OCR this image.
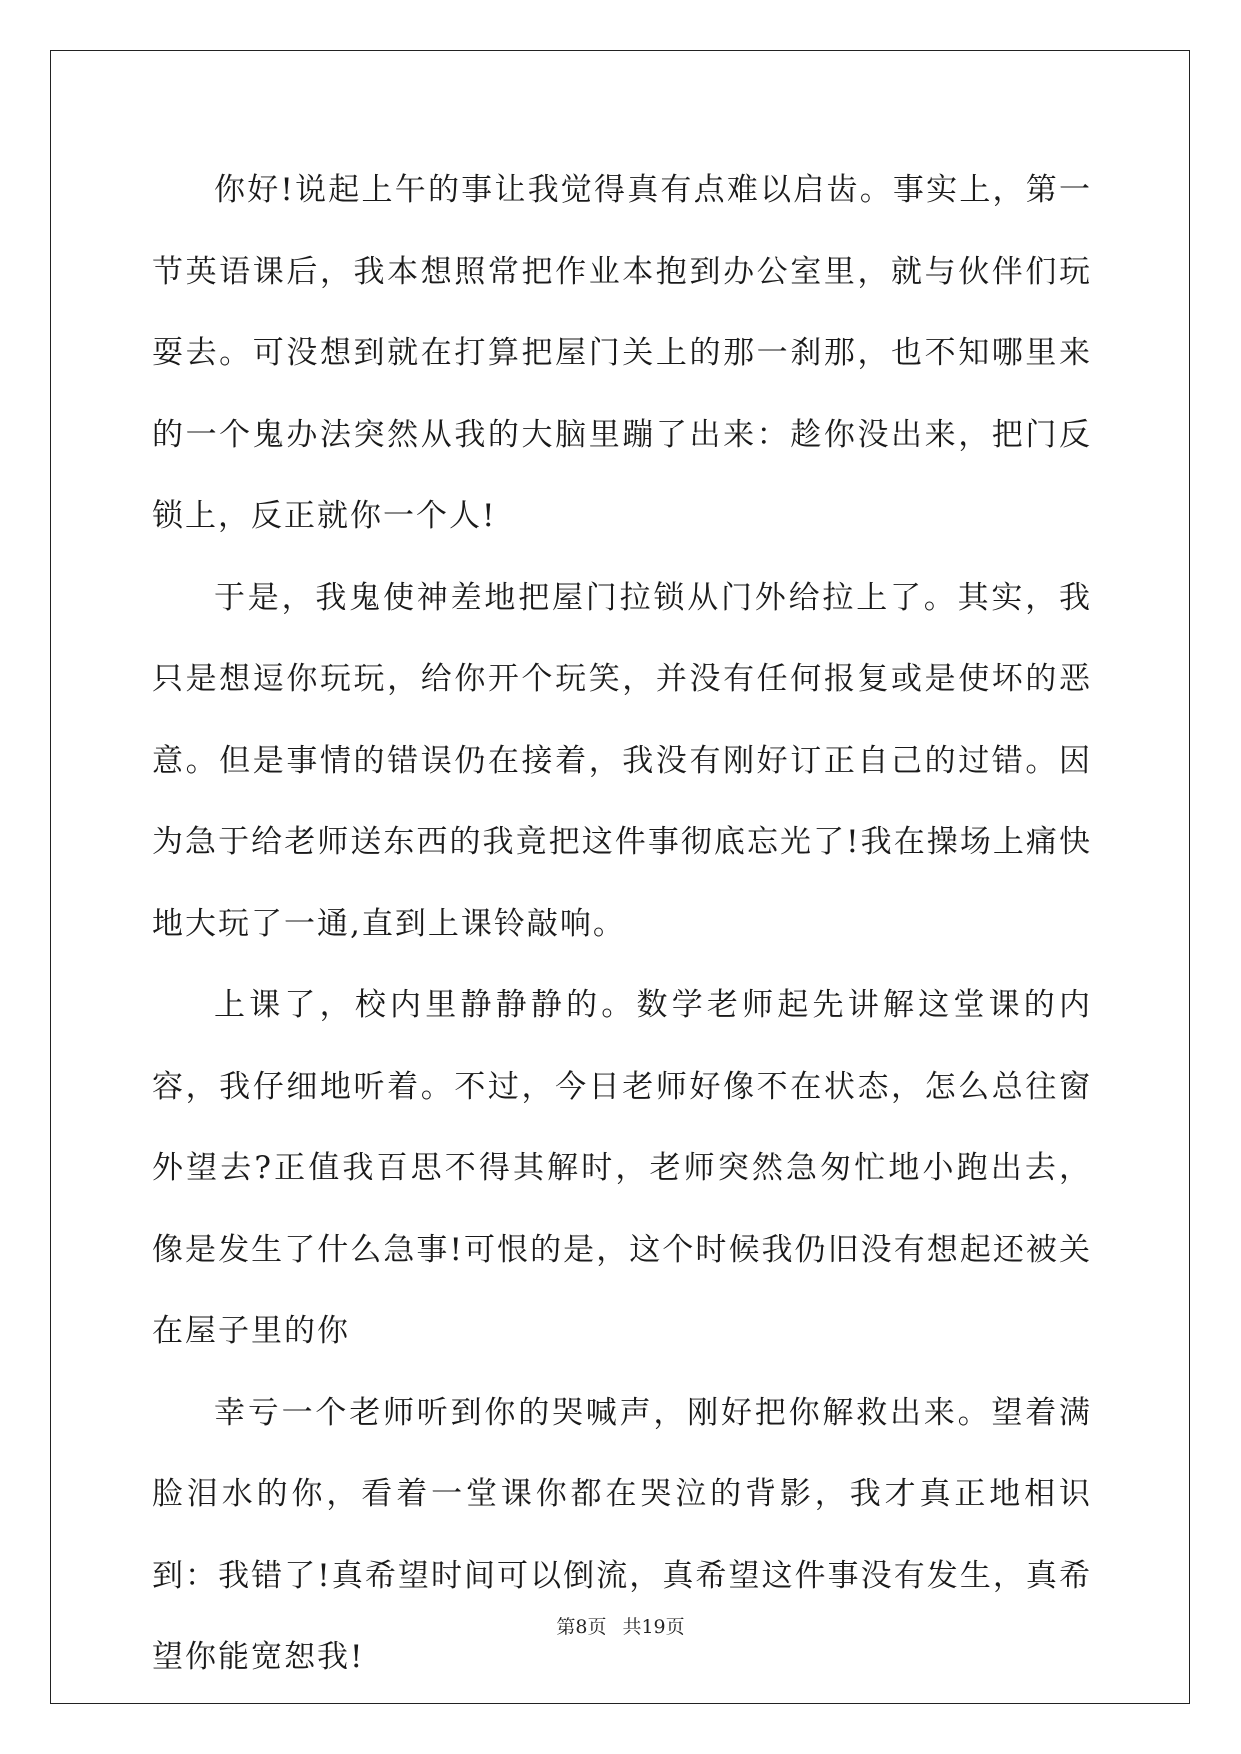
你好!说起上午的事让我觉得真有点难以启齿。事实上，第一节英语课后，我本想照常把作业本抱到办公室里，就与伙伴们玩耍去。可没想到就在打算把屋门关上的那一刹那，也不知哪里来的一个鬼办法突然从我的大脑里蹦了出来：趁你没出来，把门反锁上，反正就你一个人!

于是，我鬼使神差地把屋门拉锁从门外给拉上了。其实，我只是想逗你玩玩，给你开个玩笑，并没有任何报复或是使坏的恶意。但是事情的错误仍在接着，我没有刚好订正自己的过错。因为急于给老师送东西的我竟把这件事彻底忘光了!我在操场上痛快地大玩了一通,直到上课铃敲响。

上课了，校内里静静静的。数学老师起先讲解这堂课的内容，我仔细地听着。不过，今日老师好像不在状态，怎么总往窗外望去?正值我百思不得其解时，老师突然急匆忙地小跑出去，像是发生了什么急事!可恨的是，这个时候我仍旧没有想起还被关在屋子里的你

幸亏一个老师听到你的哭喊声，刚好把你解救出来。望着满脸泪水的你，看着一堂课你都在哭泣的背影，我才真正地相识到：我错了!真希望时间可以倒流，真希望这件事没有发生，真希望你能宽恕我!

第8页 共19页
